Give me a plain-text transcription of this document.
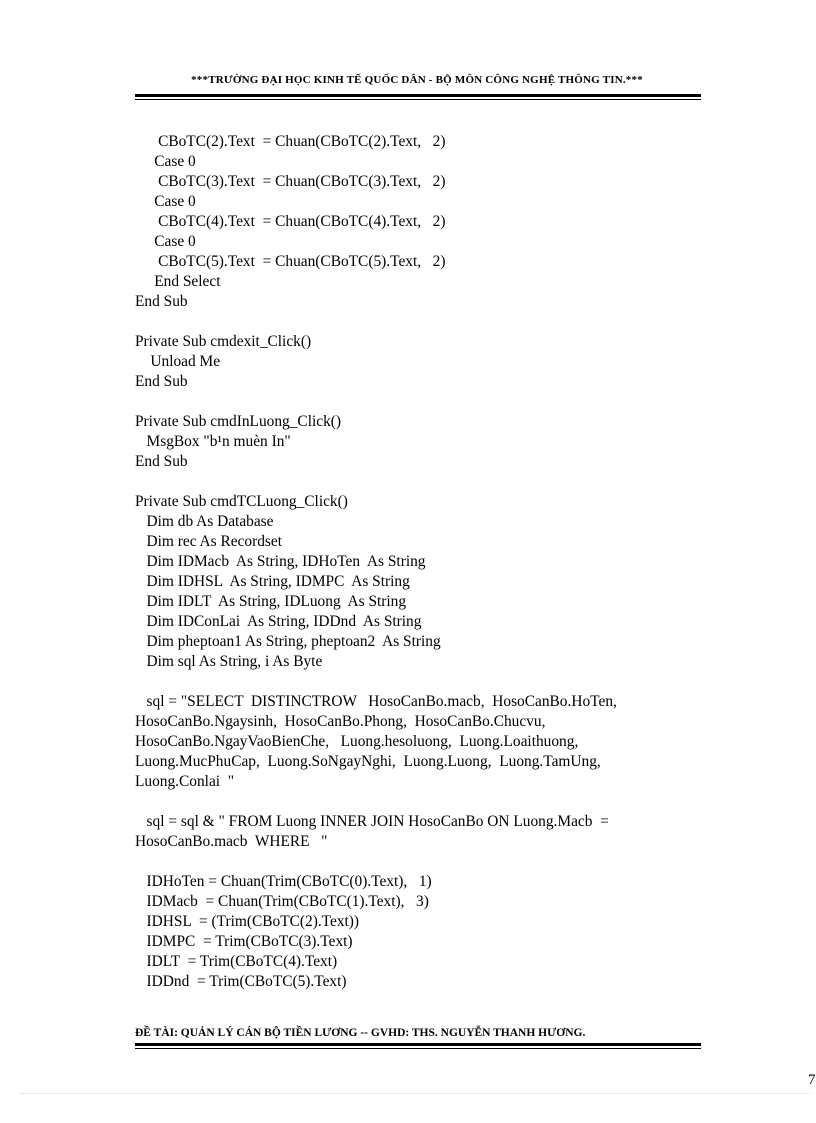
***TRƯỜNG ĐẠI HỌC KINH TẾ QUỐC DÂN - BỘ MÔN CÔNG NGHỆ THÔNG TIN.***
CBoTC(2).Text  = Chuan(CBoTC(2).Text,   2)
Case 0
CBoTC(3).Text  = Chuan(CBoTC(3).Text,   2)
Case 0
CBoTC(4).Text  = Chuan(CBoTC(4).Text,   2)
Case 0
CBoTC(5).Text  = Chuan(CBoTC(5).Text,   2)
End Select
End Sub
Private Sub cmdexit_Click()
Unload Me
End Sub
Private Sub cmdInLuong_Click()
MsgBox "b¹n muèn In"
End Sub
Private Sub cmdTCLuong_Click()
Dim db As Database
Dim rec As Recordset
Dim IDMacb  As String, IDHoTen  As String
Dim IDHSL  As String, IDMPC  As String
Dim IDLT  As String, IDLuong  As String
Dim IDConLai  As String, IDDnd  As String
Dim pheptoan1 As String, pheptoan2  As String
Dim sql As String, i As Byte
sql = "SELECT  DISTINCTROW   HosoCanBo.macb,  HosoCanBo.HoTen,
HosoCanBo.Ngaysinh,  HosoCanBo.Phong,  HosoCanBo.Chucvu,
HosoCanBo.NgayVaoBienChe,   Luong.hesoluong,  Luong.Loaithuong,
Luong.MucPhuCap,  Luong.SoNgayNghi,  Luong.Luong,  Luong.TamUng,
Luong.Conlai  "
sql = sql & " FROM Luong INNER JOIN HosoCanBo ON Luong.Macb  =
HosoCanBo.macb  WHERE   "
IDHoTen = Chuan(Trim(CBoTC(0).Text),   1)
IDMacb  = Chuan(Trim(CBoTC(1).Text),   3)
IDHSL  = (Trim(CBoTC(2).Text))
IDMPC  = Trim(CBoTC(3).Text)
IDLT  = Trim(CBoTC(4).Text)
IDDnd  = Trim(CBoTC(5).Text)
ĐỀ TÀI: QUẢN LÝ CÁN BỘ TIỀN LƯƠNG -- GVHD: THS. NGUYỄN THANH HƯƠNG.
7
